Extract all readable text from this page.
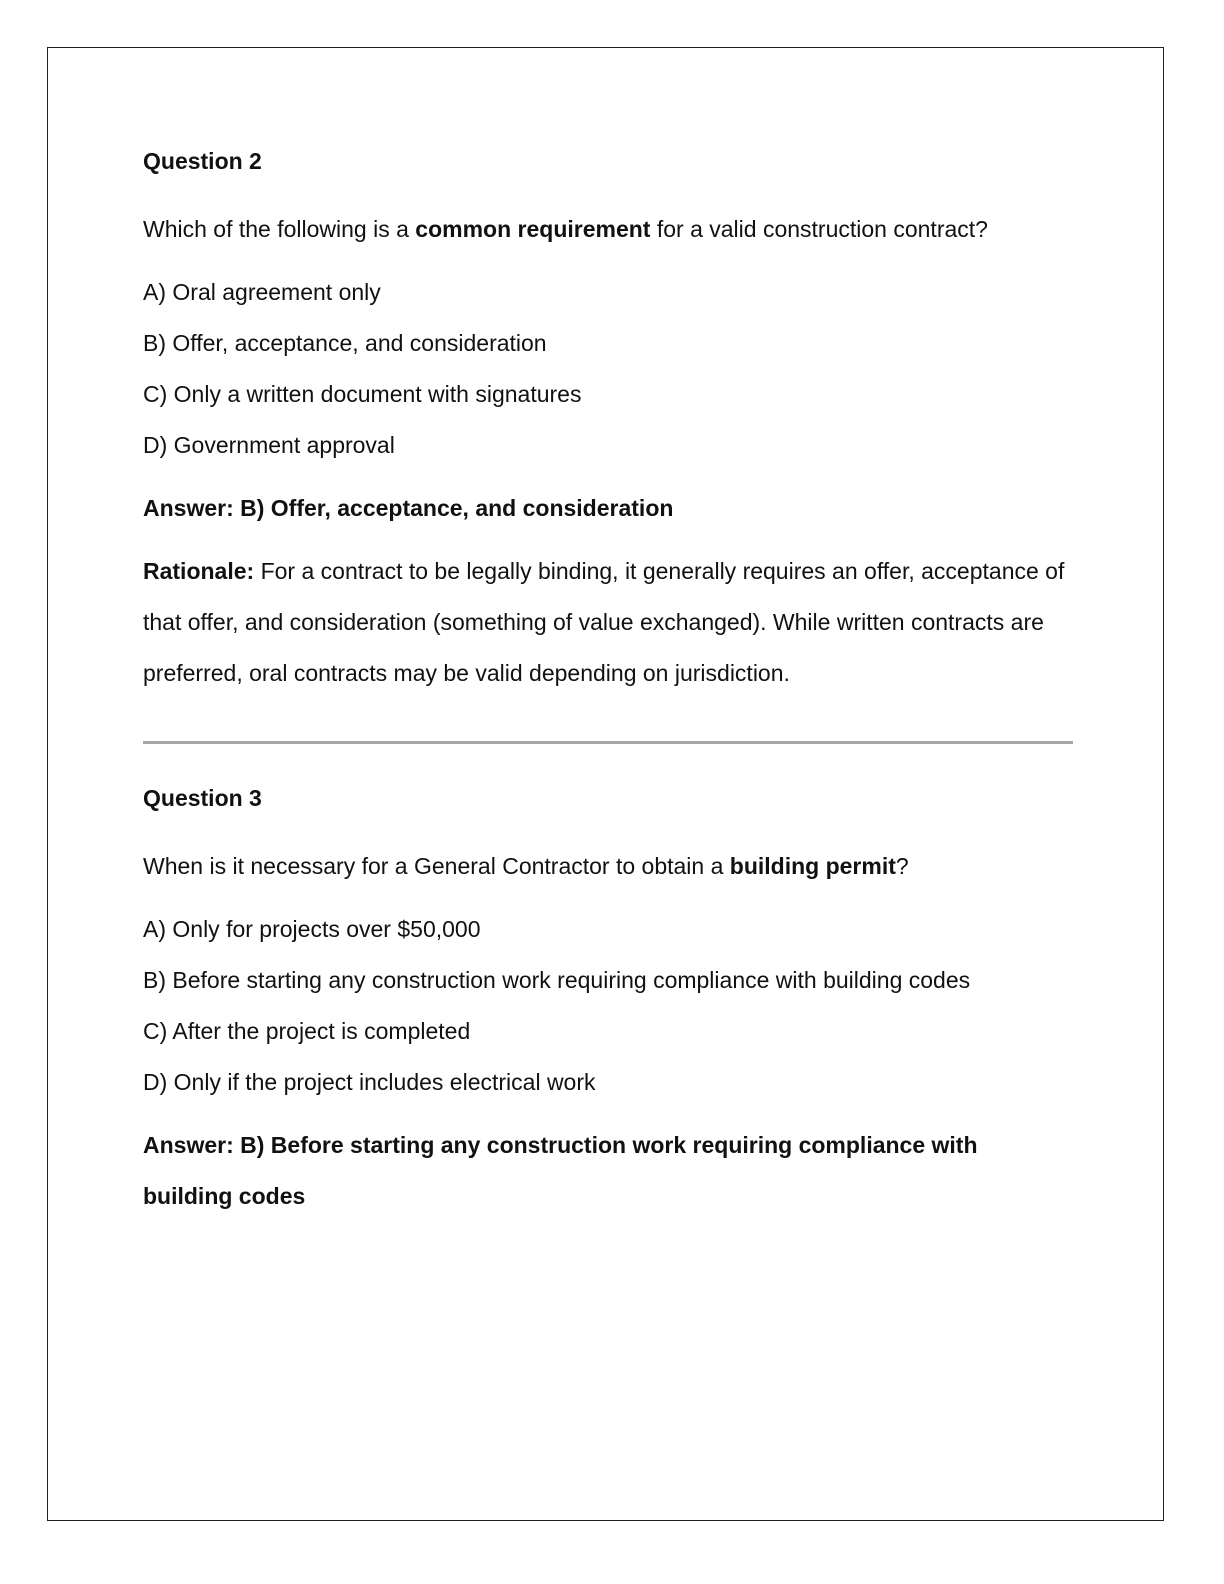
Question 2

Which of the following is a common requirement for a valid construction contract?

A) Oral agreement only

B) Offer, acceptance, and consideration

C) Only a written document with signatures

D) Government approval

Answer: B) Offer, acceptance, and consideration

Rationale: For a contract to be legally binding, it generally requires an offer, acceptance of that offer, and consideration (something of value exchanged). While written contracts are preferred, oral contracts may be valid depending on jurisdiction.

Question 3

When is it necessary for a General Contractor to obtain a building permit?

A) Only for projects over $50,000

B) Before starting any construction work requiring compliance with building codes

C) After the project is completed

D) Only if the project includes electrical work

Answer: B) Before starting any construction work requiring compliance with building codes
